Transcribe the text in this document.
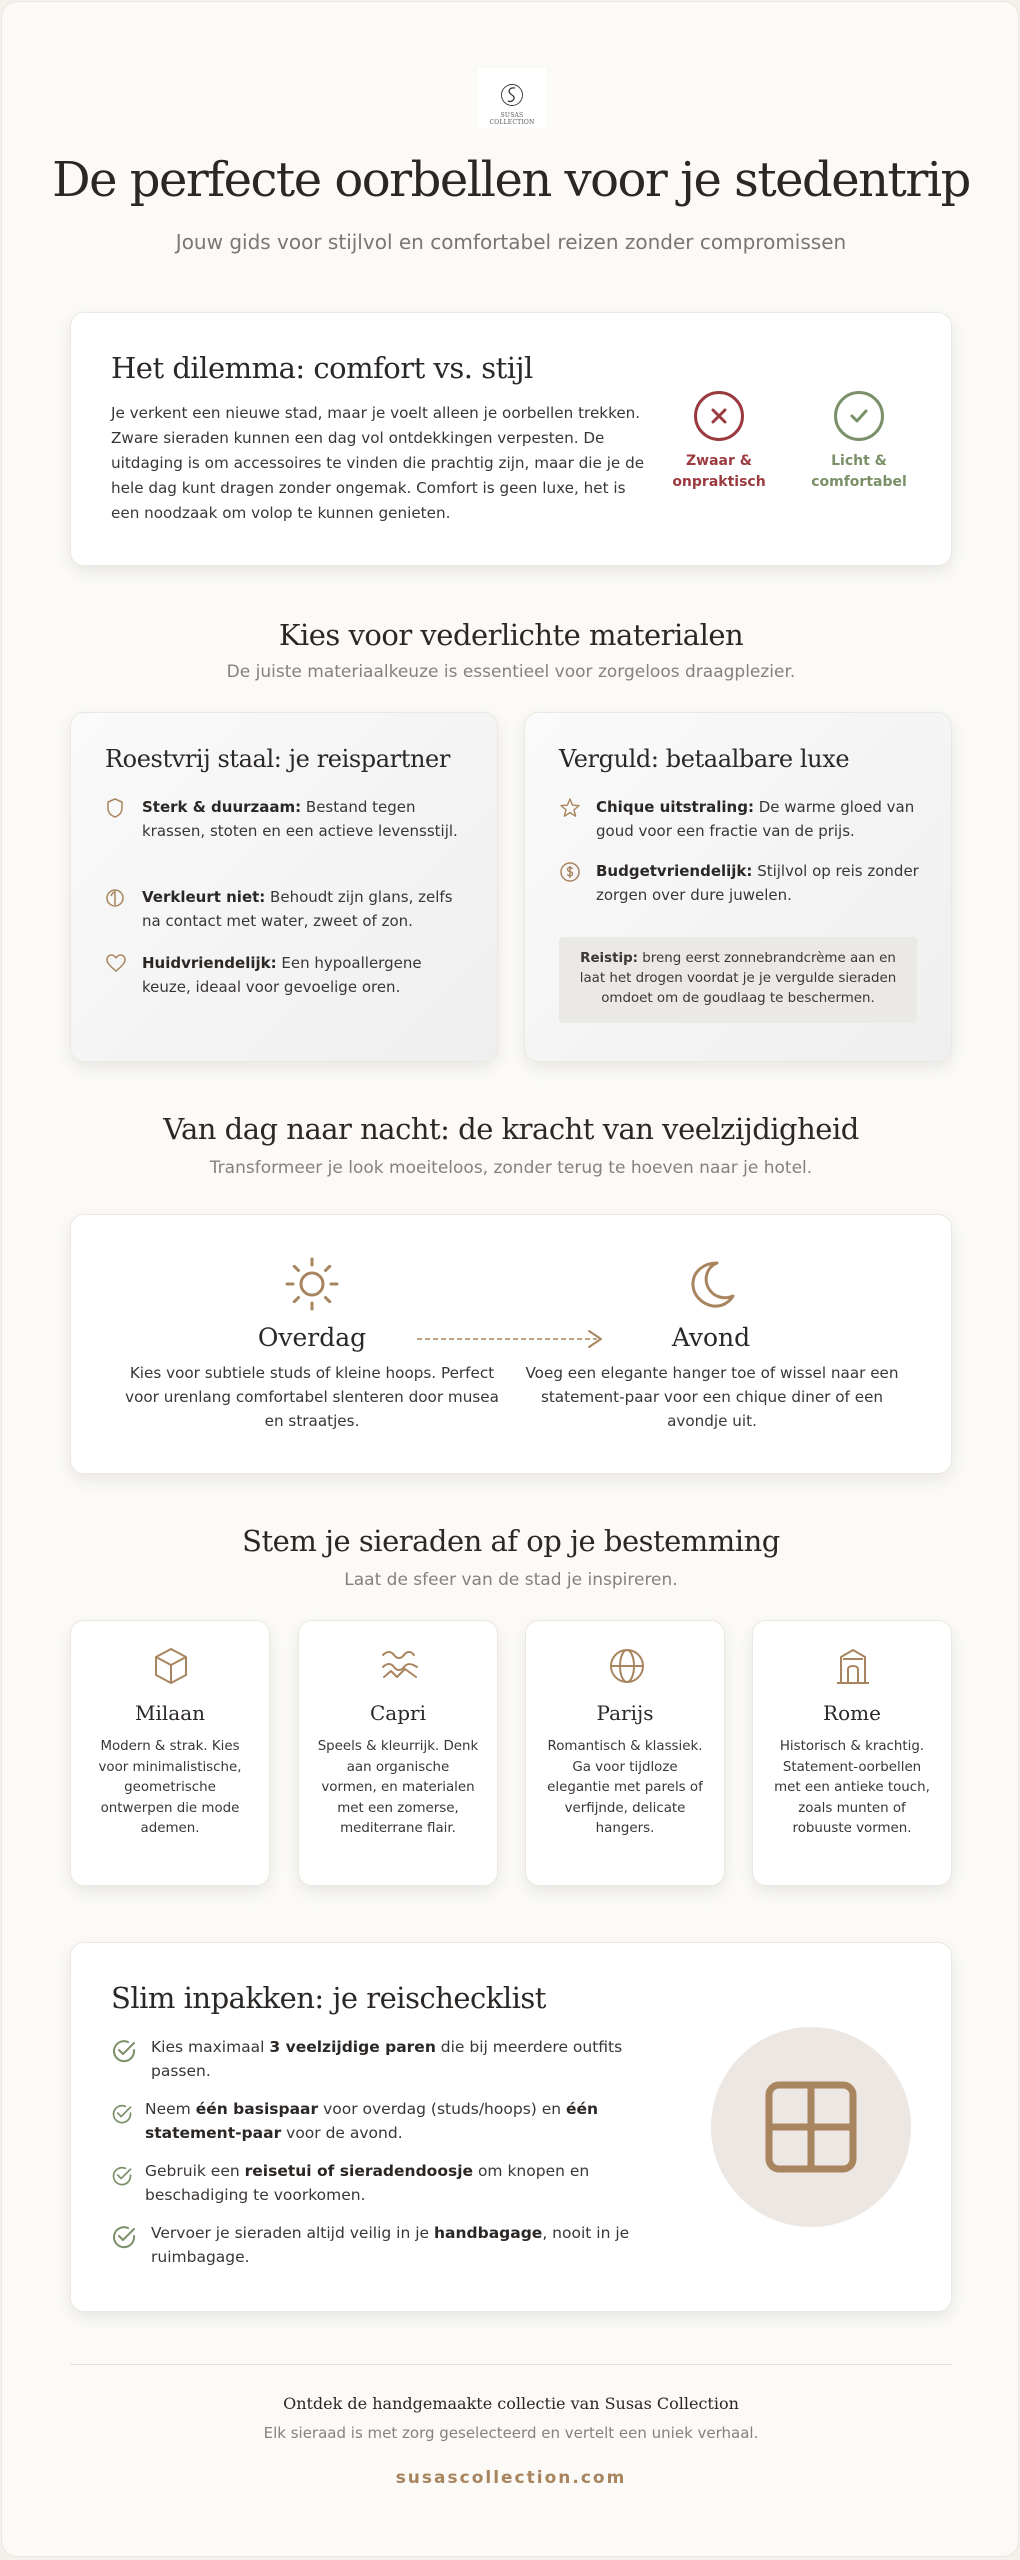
SUSAS COLLECTION
De perfecte oorbellen voor je stedentrip
Jouw gids voor stijlvol en comfortabel reizen zonder compromissen
Het dilemma: comfort vs. stijl
Je verkent een nieuwe stad, maar je voelt alleen je oorbellen trekken. Zware sieraden kunnen een dag vol ontdekkingen verpesten. De uitdaging is om accessoires te vinden die prachtig zijn, maar die je de hele dag kunt dragen zonder ongemak. Comfort is geen luxe, het is een noodzaak om volop te kunnen genieten.
Zwaar &
onpraktisch
Licht &
comfortabel
Kies voor vederlichte materialen
De juiste materiaalkeuze is essentieel voor zorgeloos draagplezier.
Roestvrij staal: je reispartner
Sterk & duurzaam: Bestand tegen krassen, stoten en een actieve levensstijl.
Verkleurt niet: Behoudt zijn glans, zelfs na contact met water, zweet of zon.
Huidvriendelijk: Een hypoallergene keuze, ideaal voor gevoelige oren.
Verguld: betaalbare luxe
Chique uitstraling: De warme gloed van goud voor een fractie van de prijs.
Budgetvriendelijk: Stijlvol op reis zonder zorgen over dure juwelen.
Reistip: breng eerst zonnebrandcrème aan en laat het drogen voordat je je vergulde sieraden omdoet om de goudlaag te beschermen.
Van dag naar nacht: de kracht van veelzijdigheid
Transformeer je look moeiteloos, zonder terug te hoeven naar je hotel.
Overdag	Avond
Kies voor subtiele studs of kleine hoops. Perfect voor urenlang comfortabel slenteren door musea en straatjes.
Voeg een elegante hanger toe of wissel naar een statement-paar voor een chique diner of een avondje uit.
Stem je sieraden af op je bestemming
Laat de sfeer van de stad je inspireren.
Milaan
Modern & strak. Kies voor minimalistische, geometrische ontwerpen die mode ademen.
Capri
Speels & kleurrijk. Denk aan organische vormen, en materialen met een zomerse, mediterrane flair.
Parijs
Romantisch & klassiek. Ga voor tijdloze elegantie met parels of verfijnde, delicate hangers.
Rome
Historisch & krachtig. Statement-oorbellen met een antieke touch, zoals munten of robuuste vormen.
Slim inpakken: je reischecklist
Kies maximaal 3 veelzijdige paren die bij meerdere outfits passen.
Neem één basispaar voor overdag (studs/hoops) en één statement-paar voor de avond.
Gebruik een reisetui of sieradendoosje om knopen en beschadiging te voorkomen.
Vervoer je sieraden altijd veilig in je handbagage, nooit in je ruimbagage.
Ontdek de handgemaakte collectie van Susas Collection
Elk sieraad is met zorg geselecteerd en vertelt een uniek verhaal.
susascollection.com
